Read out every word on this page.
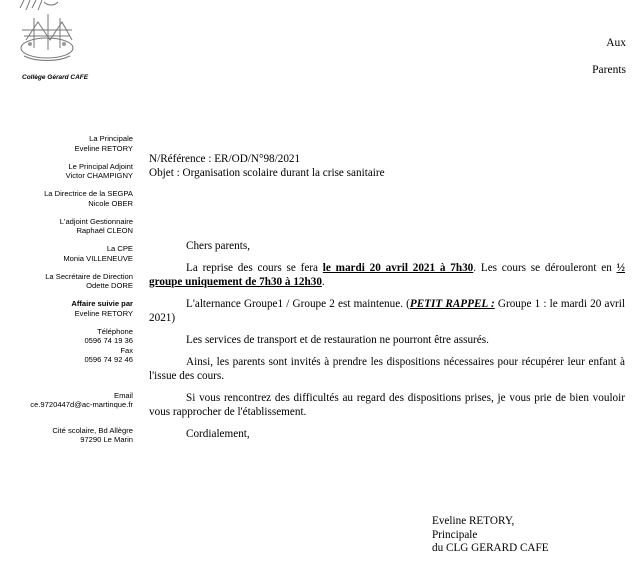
Collège Gérard CAFE
Aux
Parents
La Principale
Eveline RETORY
Le Principal Adjoint
Victor CHAMPIGNY
La Directrice de la SEGPA
Nicole OBER
L'adjoint Gestionnaire
Raphaël CLEON
La CPE
Monia VILLENEUVE
La Secrétaire de Direction
Odette DORE
Affaire suivie par
Eveline RETORY
Téléphone
0596 74 19 36
Fax
0596 74 92 46
Email
ce.9720447d@ac-martinque.fr
Cité scolaire, Bd Allègre
97290 Le Marin
N/Référence : ER/OD/N°98/2021
Objet : Organisation scolaire durant la crise sanitaire

Chers parents,

La reprise des cours se fera le mardi 20 avril 2021 à 7h30. Les cours se dérouleront en ½ groupe uniquement de 7h30 à 12h30.

L'alternance Groupe1 / Groupe 2 est maintenue. (PETIT RAPPEL : Groupe 1 : le mardi 20 avril 2021)

Les services de transport et de restauration ne pourront être assurés.

Ainsi, les parents sont invités à prendre les dispositions nécessaires pour récupérer leur enfant à l'issue des cours.

Si vous rencontrez des difficultés au regard des dispositions prises, je vous prie de bien vouloir vous rapprocher de l'établissement.

Cordialement,

Eveline RETORY,
Principale
du CLG GERARD CAFE
